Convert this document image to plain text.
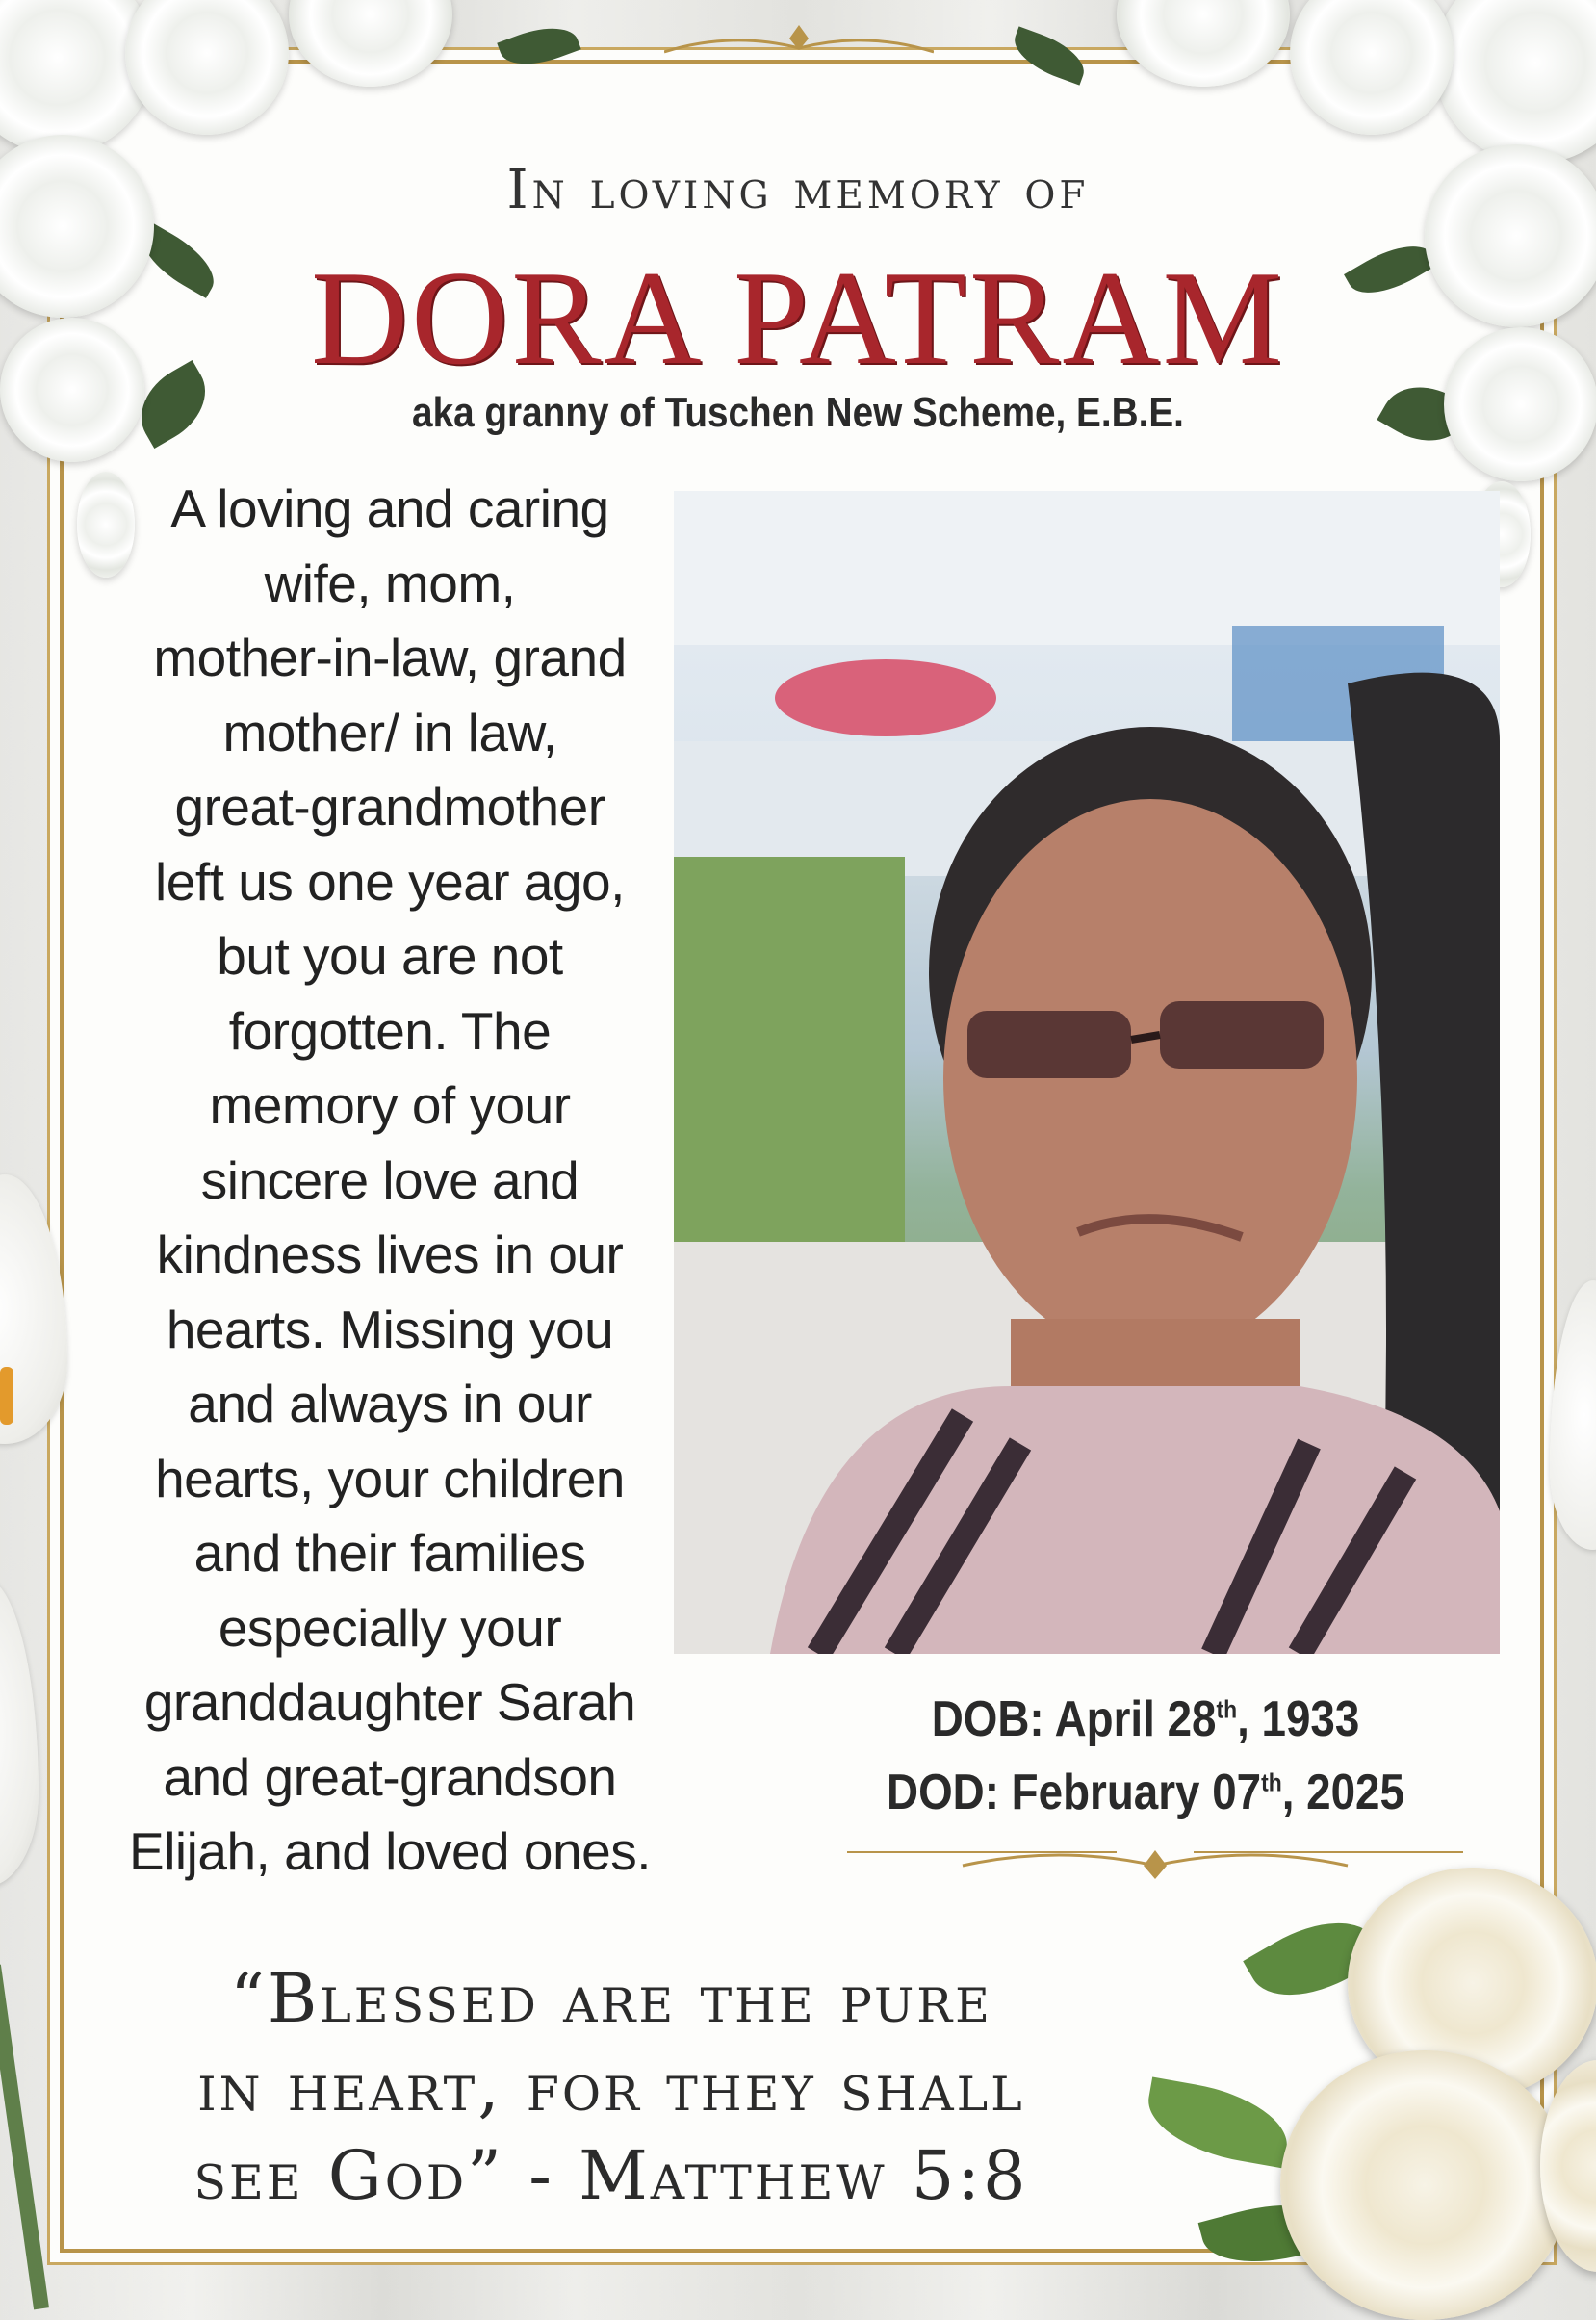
In loving memory of
DORA PATRAM
aka granny of Tuschen New Scheme, E.B.E.
A loving and caring
wife, mom,
mother-in-law, grand
mother/ in law,
great-grandmother
left us one year ago,
but you are not
forgotten. The
memory of your
sincere love and
kindness lives in our
hearts. Missing you
and always in our
hearts, your children
and their families
especially your
granddaughter Sarah
and great-grandson
Elijah, and loved ones.
DOB: April 28th, 1933
DOD: February 07th, 2025
“Blessed are the pure
in heart, for they shall
see God” - Matthew 5:8
